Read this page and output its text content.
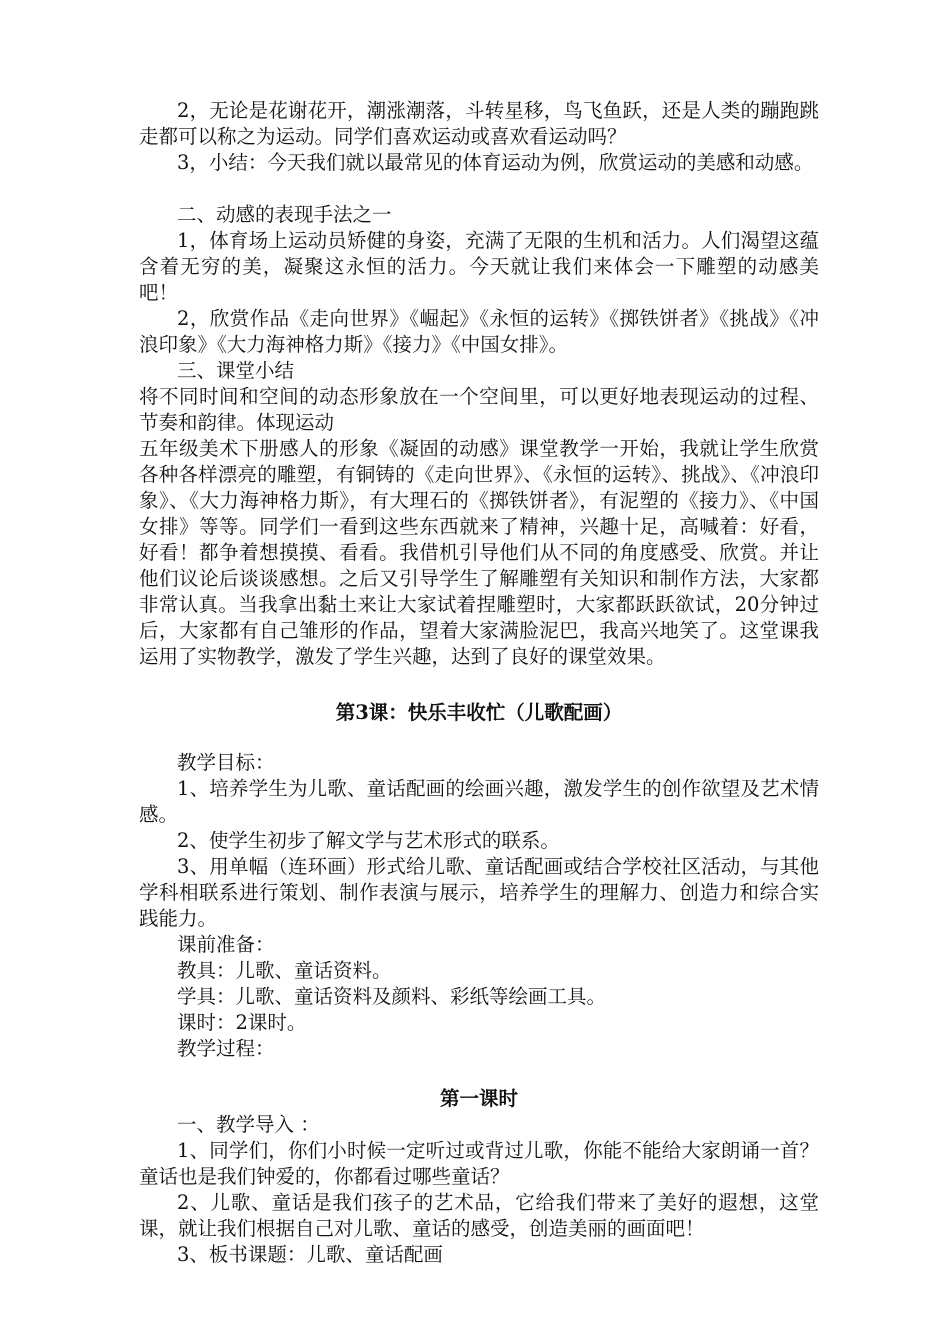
2，无论是花谢花开，潮涨潮落，斗转星移，鸟飞鱼跃，还是人类的蹦跑跳走都可以称之为运动。同学们喜欢运动或喜欢看运动吗？

3，小结：今天我们就以最常见的体育运动为例，欣赏运动的美感和动感。

二、动感的表现手法之一

1，体育场上运动员矫健的身姿，充满了无限的生机和活力。人们渴望这蕴含着无穷的美，凝聚这永恒的活力。今天就让我们来体会一下雕塑的动感美吧！

2，欣赏作品《走向世界》《崛起》《永恒的运转》《掷铁饼者》《挑战》《冲浪印象》《大力海神格力斯》《接力》《中国女排》。

三、课堂小结

将不同时间和空间的动态形象放在一个空间里，可以更好地表现运动的过程、节奏和韵律。体现运动

五年级美术下册感人的形象《凝固的动感》课堂教学一开始，我就让学生欣赏各种各样漂亮的雕塑，有铜铸的《走向世界》、《永恒的运转》、挑战》、《冲浪印象》、《大力海神格力斯》，有大理石的《掷铁饼者》，有泥塑的《接力》、《中国女排》等等。同学们一看到这些东西就来了精神，兴趣十足，高喊着：好看，好看！都争着想摸摸、看看。我借机引导他们从不同的角度感受、欣赏。并让他们议论后谈谈感想。之后又引导学生了解雕塑有关知识和制作方法，大家都非常认真。当我拿出黏土来让大家试着捏雕塑时，大家都跃跃欲试，20分钟过后，大家都有自己雏形的作品，望着大家满脸泥巴，我高兴地笑了。这堂课我运用了实物教学，激发了学生兴趣，达到了良好的课堂效果。

第3课：快乐丰收忙（儿歌配画）

教学目标：

1、培养学生为儿歌、童话配画的绘画兴趣，激发学生的创作欲望及艺术情感。

2、使学生初步了解文学与艺术形式的联系。

3、用单幅（连环画）形式给儿歌、童话配画或结合学校社区活动，与其他学科相联系进行策划、制作表演与展示，培养学生的理解力、创造力和综合实践能力。

课前准备：

教具：儿歌、童话资料。

学具：儿歌、童话资料及颜料、彩纸等绘画工具。

课时：2课时。

教学过程：

第一课时

一、教学导入 ：

1、同学们，你们小时候一定听过或背过儿歌，你能不能给大家朗诵一首？童话也是我们钟爱的，你都看过哪些童话？

2、儿歌、童话是我们孩子的艺术品，它给我们带来了美好的遐想，这堂课，就让我们根据自己对儿歌、童话的感受，创造美丽的画面吧！

3、板书课题：儿歌、童话配画
